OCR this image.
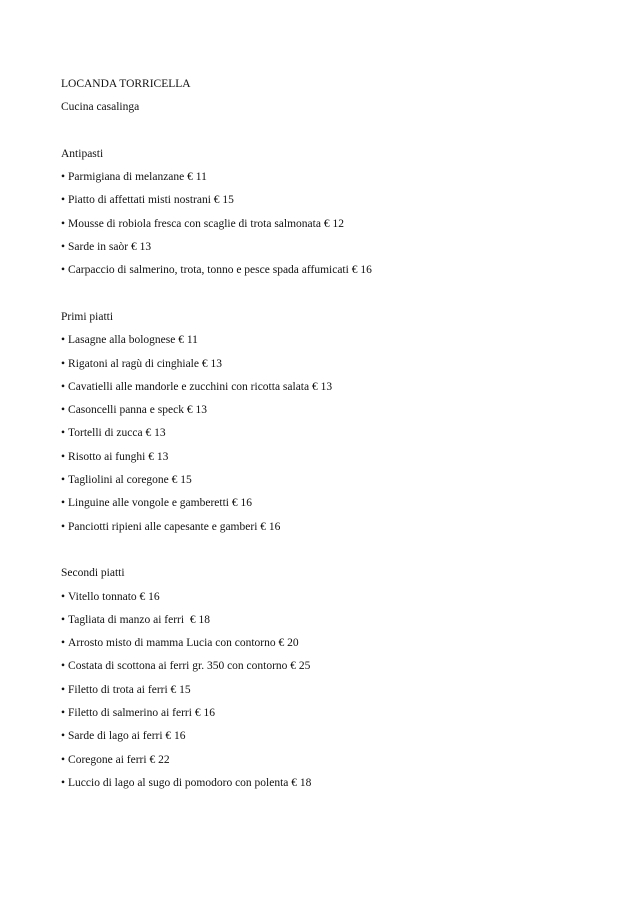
LOCANDA TORRICELLA
Cucina casalinga
Antipasti
• Parmigiana di melanzane € 11
• Piatto di affettati misti nostrani € 15
• Mousse di robiola fresca con scaglie di trota salmonata € 12
• Sarde in saòr € 13
• Carpaccio di salmerino, trota, tonno e pesce spada affumicati € 16
Primi piatti
• Lasagne alla bolognese € 11
• Rigatoni al ragù di cinghiale € 13
• Cavatielli alle mandorle e zucchini con ricotta salata € 13
• Casoncelli panna e speck € 13
• Tortelli di zucca € 13
• Risotto ai funghi € 13
• Tagliolini al coregone € 15
• Linguine alle vongole e gamberetti € 16
• Panciotti ripieni alle capesante e gamberi € 16
Secondi piatti
• Vitello tonnato € 16
• Tagliata di manzo ai ferri  € 18
• Arrosto misto di mamma Lucia con contorno € 20
• Costata di scottona ai ferri gr. 350 con contorno € 25
• Filetto di trota ai ferri € 15
• Filetto di salmerino ai ferri € 16
• Sarde di lago ai ferri € 16
• Coregone ai ferri € 22
• Luccio di lago al sugo di pomodoro con polenta € 18
